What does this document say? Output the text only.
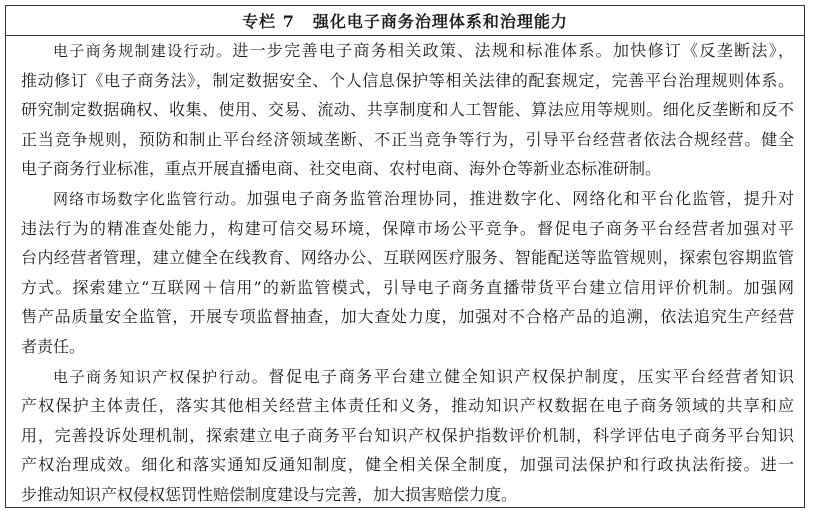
专栏 7 强化电子商务治理体系和治理能力
电子商务规制建设行动。进一步完善电子商务相关政策、法规和标准体系。加快修订《反垄断法》，
推动修订《电子商务法》，制定数据安全、个人信息保护等相关法律的配套规定，完善平台治理规则体系。
研究制定数据确权、收集、使用、交易、流动、共享制度和人工智能、算法应用等规则。细化反垄断和反不
正当竞争规则，预防和制止平台经济领域垄断、不正当竞争等行为，引导平台经营者依法合规经营。健全
电子商务行业标准，重点开展直播电商、社交电商、农村电商、海外仓等新业态标准研制。
网络市场数字化监管行动。加强电子商务监管治理协同，推进数字化、网络化和平台化监管，提升对
违法行为的精准查处能力，构建可信交易环境，保障市场公平竞争。督促电子商务平台经营者加强对平
台内经营者管理，建立健全在线教育、网络办公、互联网医疗服务、智能配送等监管规则，探索包容期监管
方式。探索建立“互联网＋信用”的新监管模式，引导电子商务直播带货平台建立信用评价机制。加强网
售产品质量安全监管，开展专项监督抽查，加大查处力度，加强对不合格产品的追溯，依法追究生产经营
者责任。
电子商务知识产权保护行动。督促电子商务平台建立健全知识产权保护制度，压实平台经营者知识
产权保护主体责任，落实其他相关经营主体责任和义务，推动知识产权数据在电子商务领域的共享和应
用，完善投诉处理机制，探索建立电子商务平台知识产权保护指数评价机制，科学评估电子商务平台知识
产权治理成效。细化和落实通知反通知制度，健全相关保全制度，加强司法保护和行政执法衔接。进一
步推动知识产权侵权惩罚性赔偿制度建设与完善，加大损害赔偿力度。
